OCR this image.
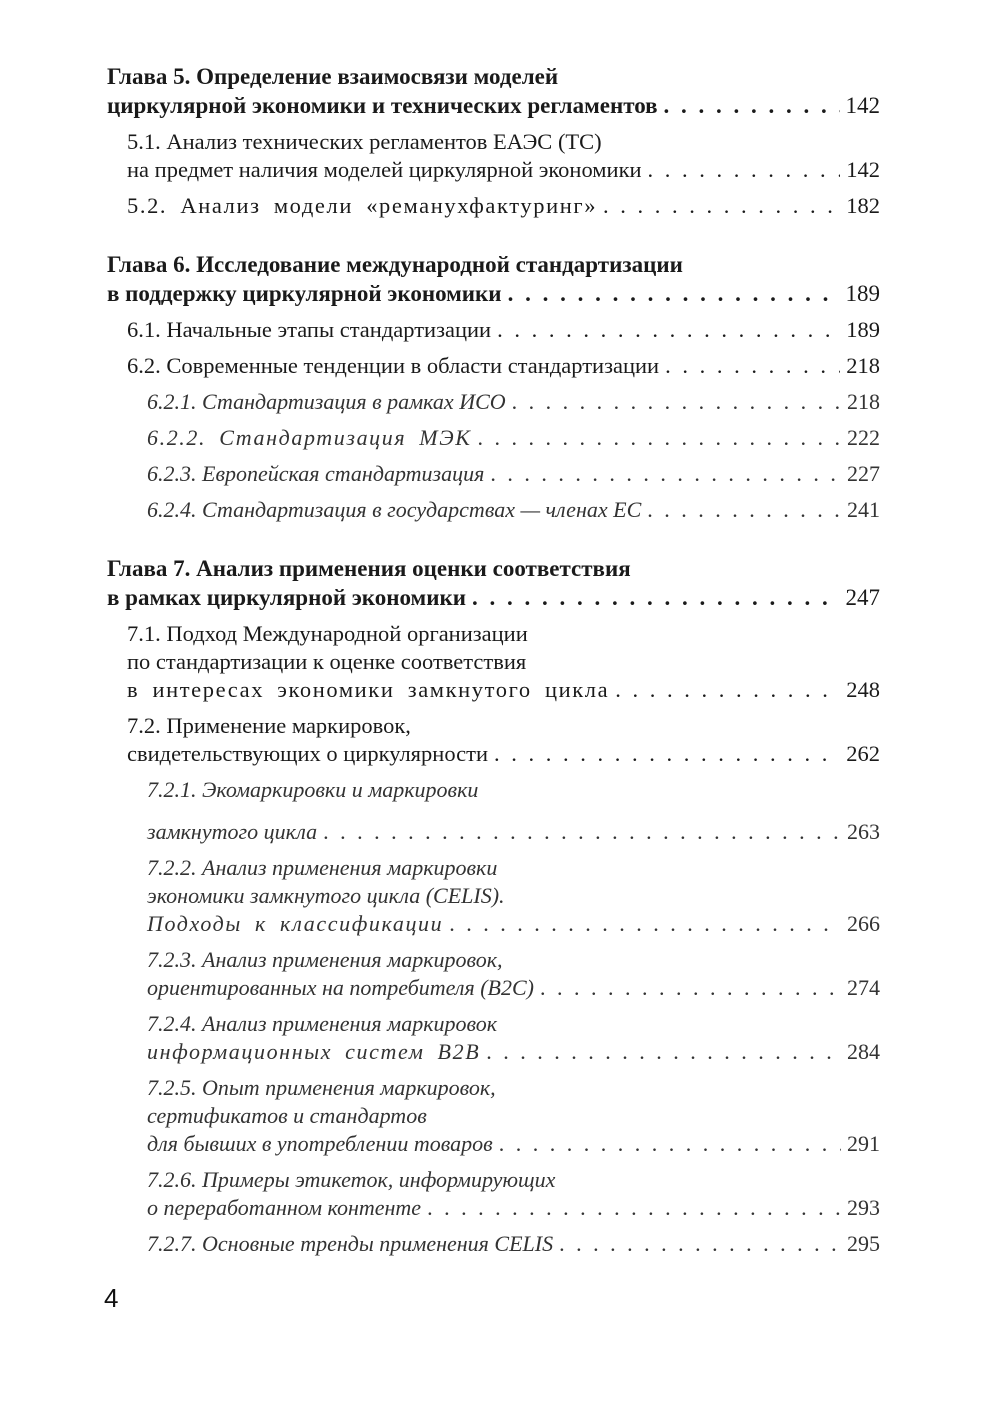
Глава 5. Определение взаимосвязи моделей
циркулярной экономики и технических регламентов . . .	142
5.1. Анализ технических регламентов ЕАЭС (ТС)
на предмет наличия моделей циркулярной экономики . . .	142
5.2. Анализ модели «реманухфактуринг» . . .	182
Глава 6. Исследование международной стандартизации
в поддержку циркулярной экономики . . .	189
6.1. Начальные этапы стандартизации . . .	189
6.2. Современные тенденции в области стандартизации . . .	218
6.2.1. Стандартизация в рамках ИСО . . .	218
6.2.2. Стандартизация МЭК . . .	222
6.2.3. Европейская стандартизация . . .	227
6.2.4. Стандартизация в государствах — членах ЕС . . .	241
Глава 7. Анализ применения оценки соответствия
в рамках циркулярной экономики . . .	247
7.1. Подход Международной организации
по стандартизации к оценке соответствия
в интересах экономики замкнутого цикла . . .	248
7.2. Применение маркировок,
свидетельствующих о циркулярности . . .	262
7.2.1. Экомаркировки и маркировки
замкнутого цикла . . .	263
7.2.2. Анализ применения маркировки
экономики замкнутого цикла (CELIS).
Подходы к классификации . . .	266
7.2.3. Анализ применения маркировок,
ориентированных на потребителя (B2C) . . .	274
7.2.4. Анализ применения маркировок
информационных систем B2B . . .	284
7.2.5. Опыт применения маркировок,
сертификатов и стандартов
для бывших в употреблении товаров . . .	291
7.2.6. Примеры этикеток, информирующих
о переработанном контенте . . .	293
7.2.7. Основные тренды применения CELIS . . .	295
4
